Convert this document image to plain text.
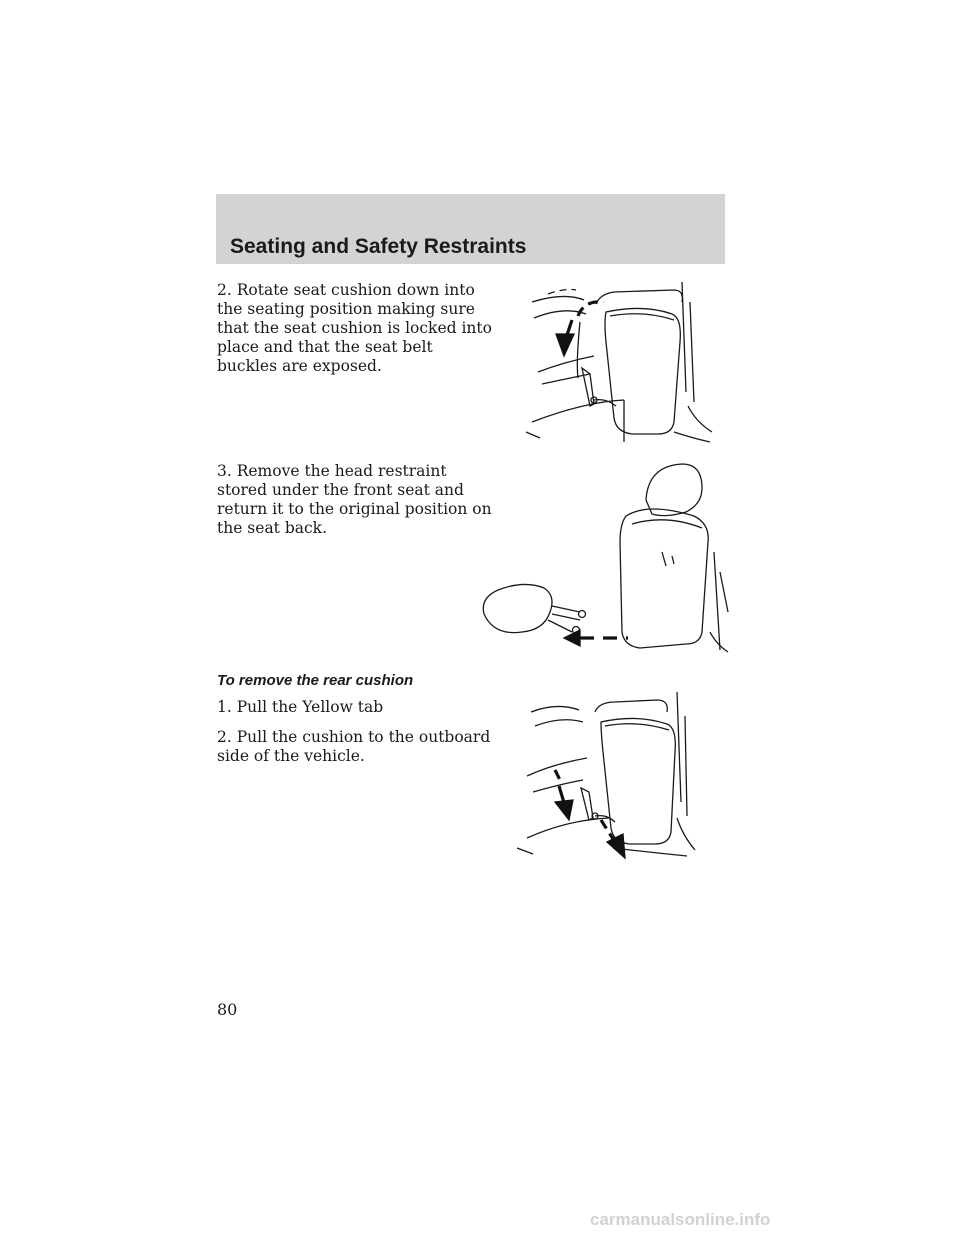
Seating and Safety Restraints

2. Rotate seat cushion down into the seating position making sure that the seat cushion is locked into place and that the seat belt buckles are exposed.

3. Remove the head restraint stored under the front seat and return it to the original position on the seat back.

To remove the rear cushion

1. Pull the Yellow tab

2. Pull the cushion to the outboard side of the vehicle.

80

carmanualsonline.info
